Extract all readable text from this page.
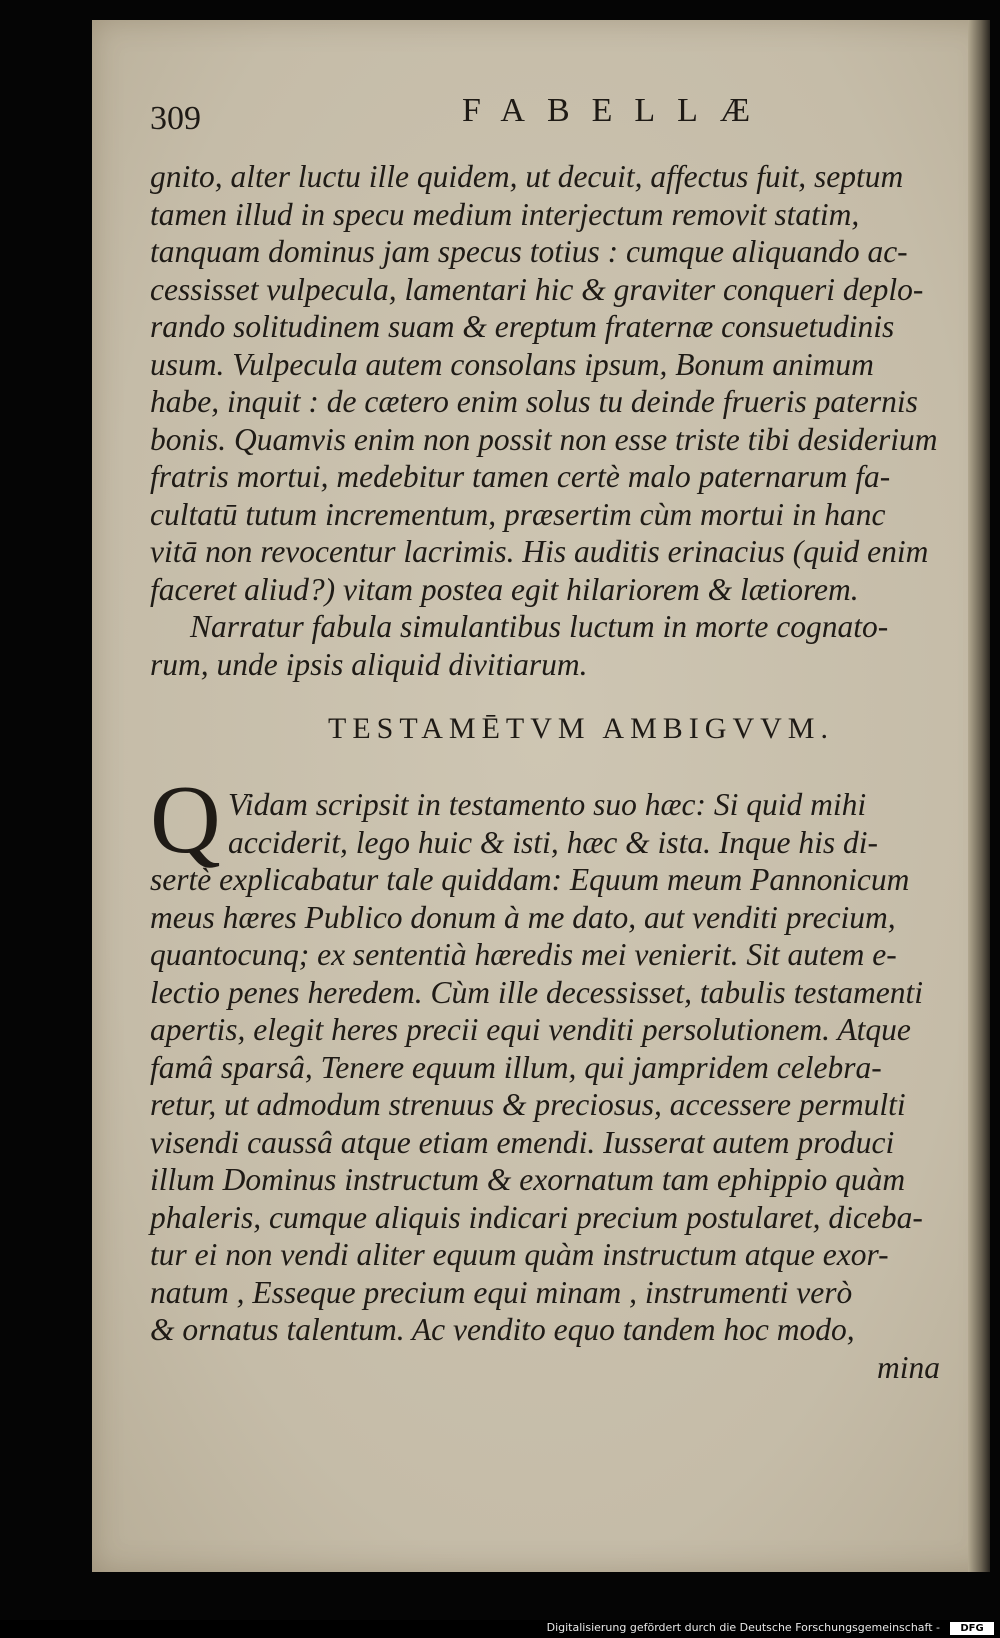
309	FABELLÆ
gnito, alter luctu ille quidem, ut decuit, affectus fuit, septum
tamen illud in specu medium interjectum removit statim,
tanquam dominus jam specus totius : cumque aliquando ac-
cessisset vulpecula, lamentari hic & graviter conqueri deplo-
rando solitudinem suam & ereptum fraternæ consuetudinis
usum. Vulpecula autem consolans ipsum, Bonum animum
habe, inquit : de cætero enim solus tu deinde frueris paternis
bonis. Quamvis enim non possit non esse triste tibi desiderium
fratris mortui, medebitur tamen certè malo paternarum fa-
cultatū tutum incrementum, præsertim cùm mortui in hanc
vitā non revocentur lacrimis. His auditis erinacius (quid enim
faceret aliud?) vitam postea egit hilariorem & lætiorem.
Narratur fabula simulantibus luctum in morte cognato-
rum, unde ipsis aliquid divitiarum.
TESTAMĒTVM AMBIGVVM.
Q Vidam scripsit in testamento suo hæc: Si quid mihi
acciderit, lego huic & isti, hæc & ista. Inque his di-
sertè explicabatur tale quiddam: Equum meum Pannonicum
meus hæres Publico donum à me dato, aut venditi precium,
quantocunq; ex sententià hæredis mei venierit. Sit autem e-
lectio penes heredem. Cùm ille decessisset, tabulis testamenti
apertis, elegit heres precii equi venditi persolutionem. Atque
famâ sparsâ, Tenere equum illum, qui jampridem celebra-
retur, ut admodum strenuus & preciosus, accessere permulti
visendi caussâ atque etiam emendi. Iusserat autem produci
illum Dominus instructum & exornatum tam ephippio quàm
phaleris, cumque aliquis indicari precium postularet, diceba-
tur ei non vendi aliter equum quàm instructum atque exor-
natum , Esseque precium equi minam , instrumenti verò
& ornatus talentum. Ac vendito equo tandem hoc modo,
mina
Digitalisierung gefördert durch die Deutsche Forschungsgemeinschaft -	DFG
